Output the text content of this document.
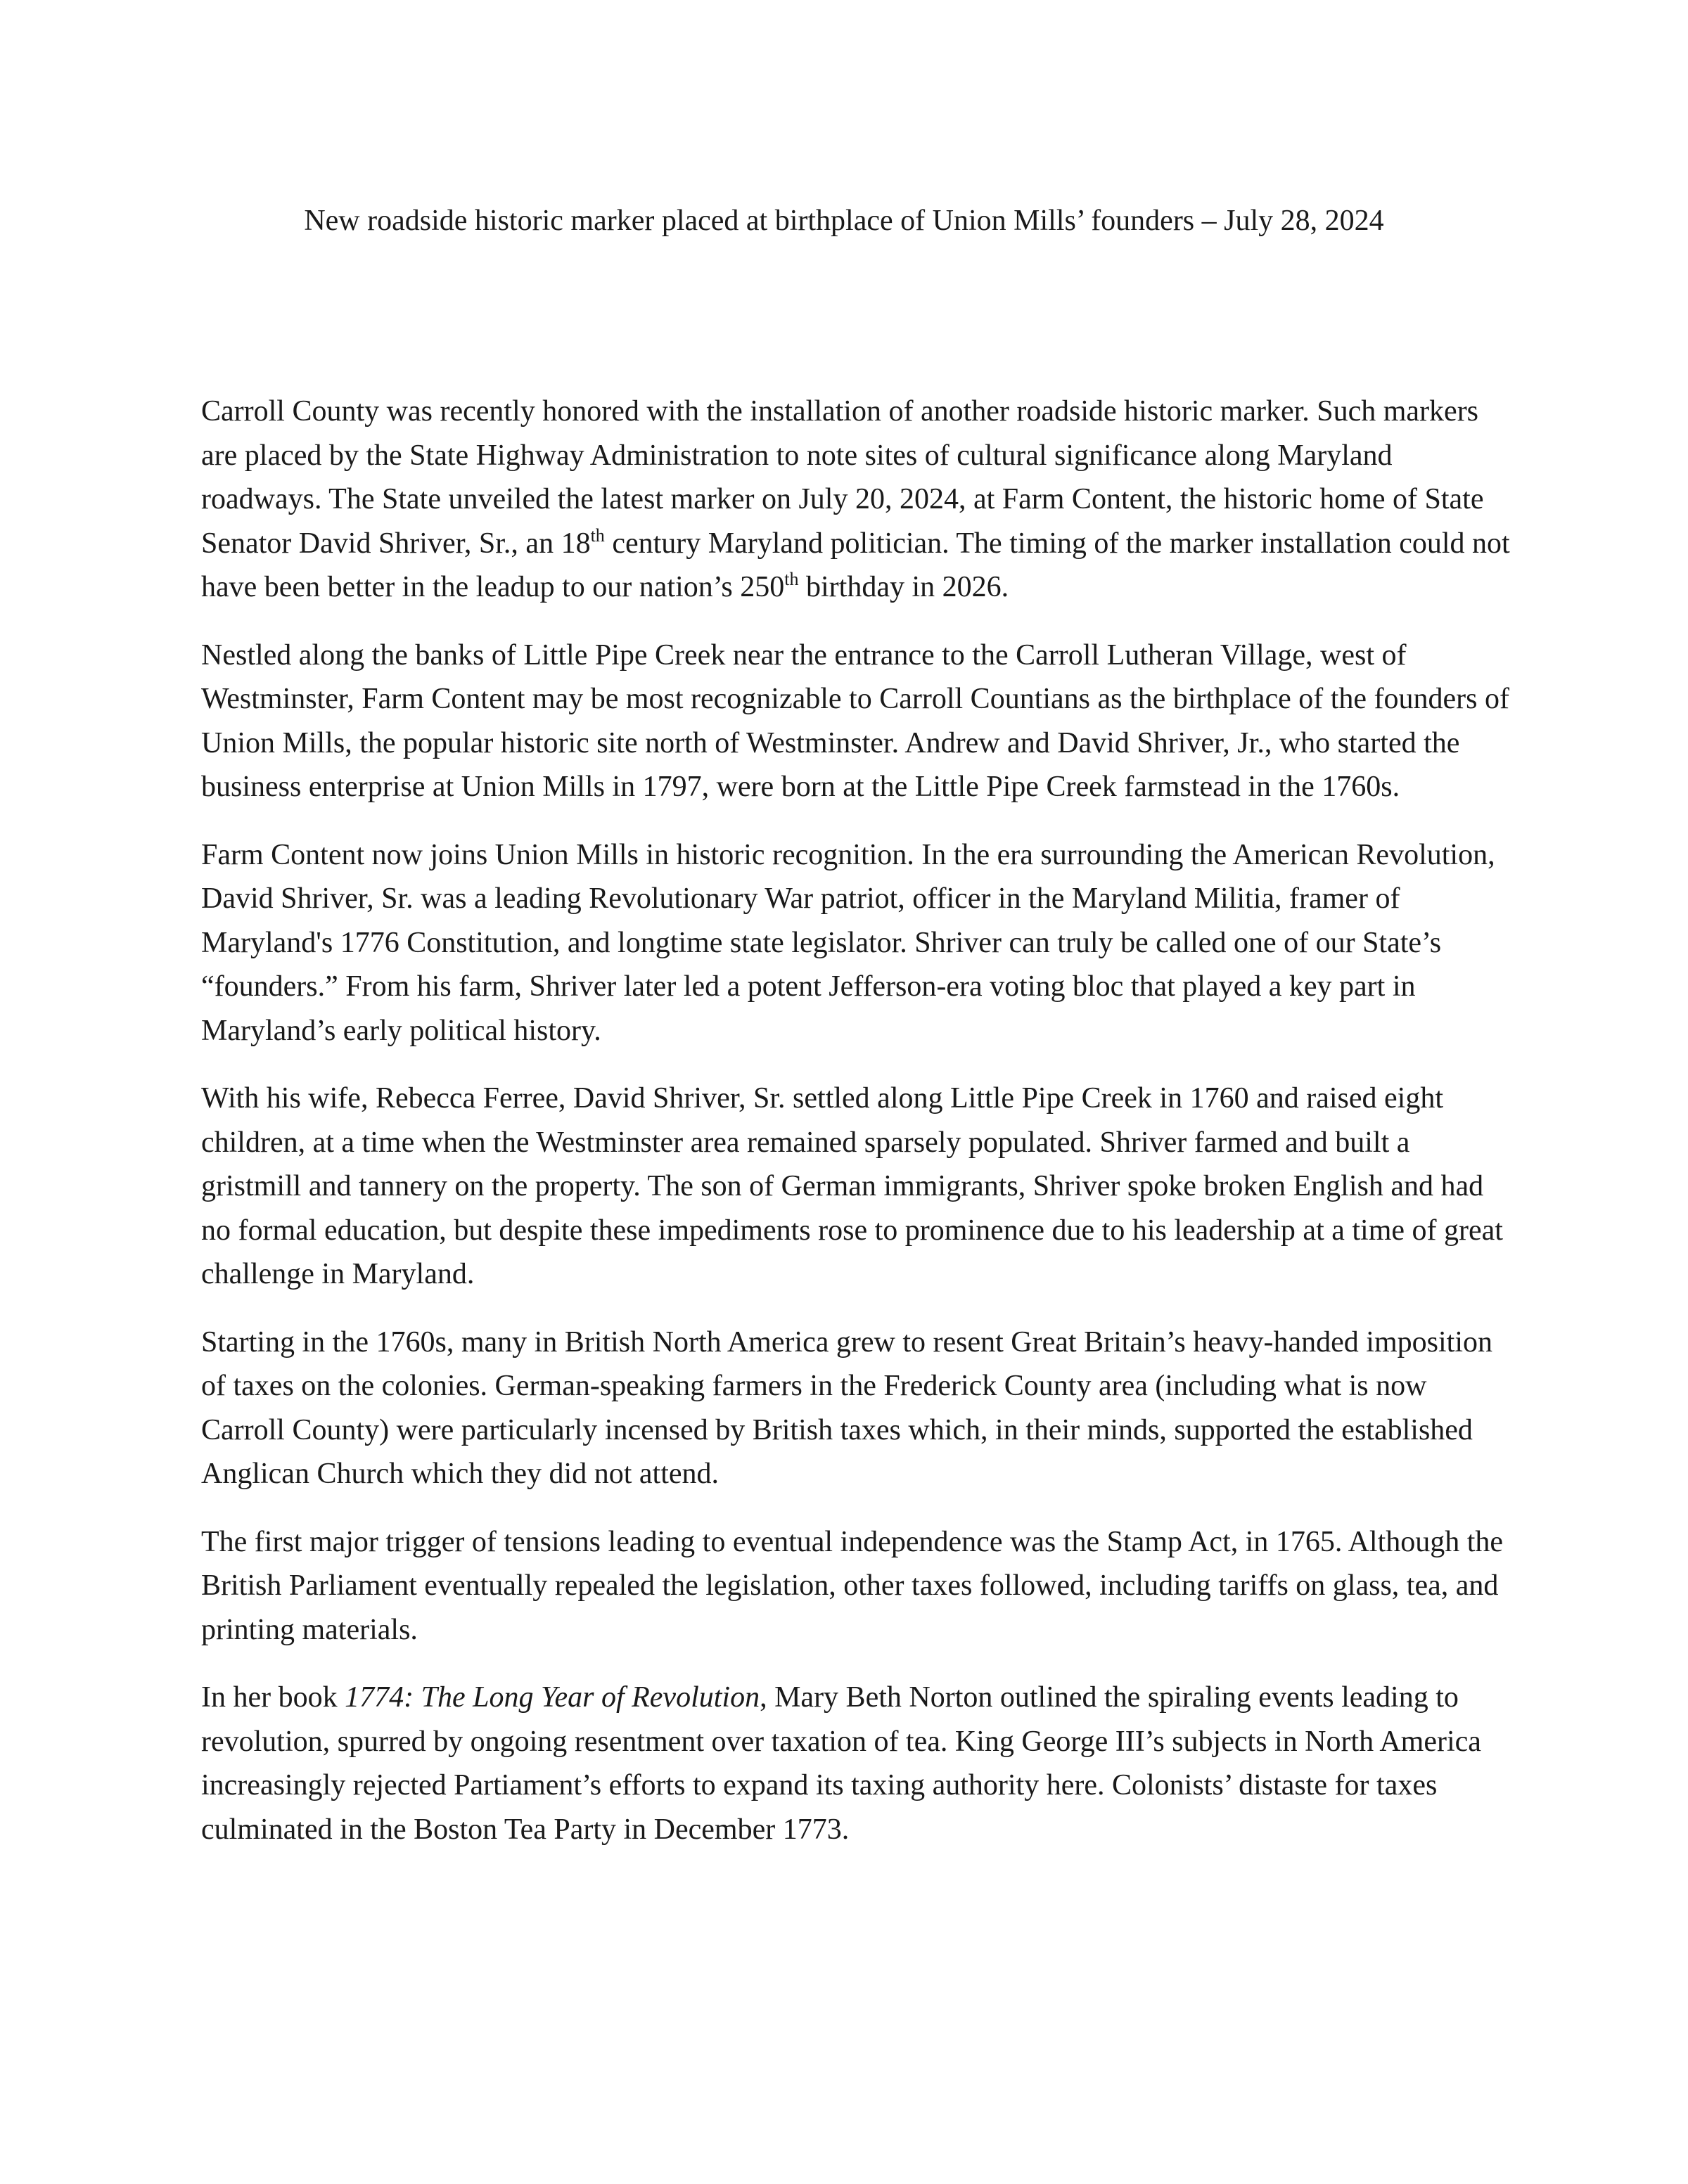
New roadside historic marker placed at birthplace of Union Mills’ founders – July 28, 2024

Carroll County was recently honored with the installation of another roadside historic marker. Such markers are placed by the State Highway Administration to note sites of cultural significance along Maryland roadways. The State unveiled the latest marker on July 20, 2024, at Farm Content, the historic home of State Senator David Shriver, Sr., an 18th century Maryland politician. The timing of the marker installation could not have been better in the leadup to our nation’s 250th birthday in 2026.

Nestled along the banks of Little Pipe Creek near the entrance to the Carroll Lutheran Village, west of Westminster, Farm Content may be most recognizable to Carroll Countians as the birthplace of the founders of Union Mills, the popular historic site north of Westminster. Andrew and David Shriver, Jr., who started the business enterprise at Union Mills in 1797, were born at the Little Pipe Creek farmstead in the 1760s.

Farm Content now joins Union Mills in historic recognition. In the era surrounding the American Revolution, David Shriver, Sr. was a leading Revolutionary War patriot, officer in the Maryland Militia, framer of Maryland's 1776 Constitution, and longtime state legislator. Shriver can truly be called one of our State’s “founders.” From his farm, Shriver later led a potent Jefferson-era voting bloc that played a key part in Maryland’s early political history.

With his wife, Rebecca Ferree, David Shriver, Sr. settled along Little Pipe Creek in 1760 and raised eight children, at a time when the Westminster area remained sparsely populated. Shriver farmed and built a gristmill and tannery on the property. The son of German immigrants, Shriver spoke broken English and had no formal education, but despite these impediments rose to prominence due to his leadership at a time of great challenge in Maryland.

Starting in the 1760s, many in British North America grew to resent Great Britain’s heavy-handed imposition of taxes on the colonies. German-speaking farmers in the Frederick County area (including what is now Carroll County) were particularly incensed by British taxes which, in their minds, supported the established Anglican Church which they did not attend.

The first major trigger of tensions leading to eventual independence was the Stamp Act, in 1765. Although the British Parliament eventually repealed the legislation, other taxes followed, including tariffs on glass, tea, and printing materials.

In her book 1774: The Long Year of Revolution, Mary Beth Norton outlined the spiraling events leading to revolution, spurred by ongoing resentment over taxation of tea. King George III’s subjects in North America increasingly rejected Partiament’s efforts to expand its taxing authority here. Colonists’ distaste for taxes culminated in the Boston Tea Party in December 1773.
